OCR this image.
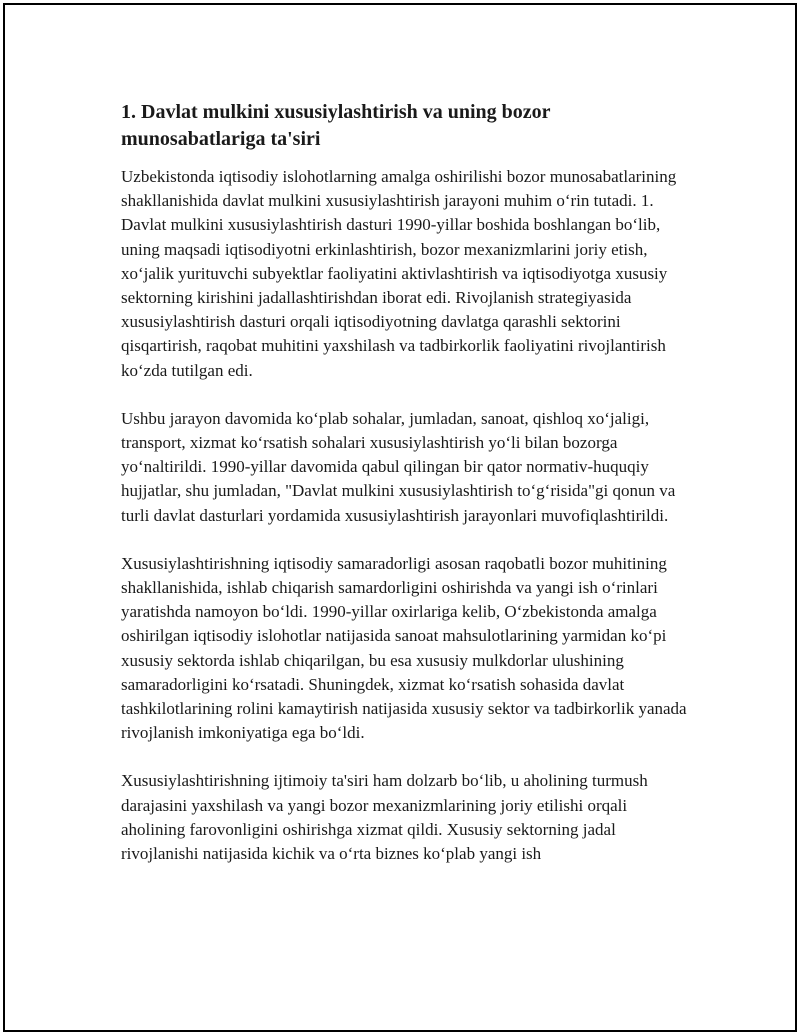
1. Davlat mulkini xususiylashtirish va uning bozor munosabatlariga ta'siri

Uzbekistonda iqtisodiy islohotlarning amalga oshirilishi bozor munosabatlarining shakllanishida davlat mulkini xususiylashtirish jarayoni muhim oʻrin tutadi. 1. Davlat mulkini xususiylashtirish dasturi 1990-yillar boshida boshlangan boʻlib, uning maqsadi iqtisodiyotni erkinlashtirish, bozor mexanizmlarini joriy etish, xoʻjalik yurituvchi subyektlar faoliyatini aktivlashtirish va iqtisodiyotga xususiy sektorning kirishini jadallashtirishdan iborat edi. Rivojlanish strategiyasida xususiylashtirish dasturi orqali iqtisodiyotning davlatga qarashli sektorini qisqartirish, raqobat muhitini yaxshilash va tadbirkorlik faoliyatini rivojlantirish koʻzda tutilgan edi.

Ushbu jarayon davomida koʻplab sohalar, jumladan, sanoat, qishloq xoʻjaligi, transport, xizmat koʻrsatish sohalari xususiylashtirish yoʻli bilan bozorga yoʻnaltirildi. 1990-yillar davomida qabul qilingan bir qator normativ-huquqiy hujjatlar, shu jumladan, "Davlat mulkini xususiylashtirish toʻgʻrisida"gi qonun va turli davlat dasturlari yordamida xususiylashtirish jarayonlari muvofiqlashtirildi.

Xususiylashtirishning iqtisodiy samaradorligi asosan raqobatli bozor muhitining shakllanishida, ishlab chiqarish samardorligini oshirishda va yangi ish oʻrinlari yaratishda namoyon boʻldi. 1990-yillar oxirlariga kelib, Oʻzbekistonda amalga oshirilgan iqtisodiy islohotlar natijasida sanoat mahsulotlarining yarmidan koʻpi xususiy sektorda ishlab chiqarilgan, bu esa xususiy mulkdorlar ulushining samaradorligini koʻrsatadi. Shuningdek, xizmat koʻrsatish sohasida davlat tashkilotlarining rolini kamaytirish natijasida xususiy sektor va tadbirkorlik yanada rivojlanish imkoniyatiga ega boʻldi.

Xususiylashtirishning ijtimoiy ta'siri ham dolzarb boʻlib, u aholining turmush darajasini yaxshilash va yangi bozor mexanizmlarining joriy etilishi orqali aholining farovonligini oshirishga xizmat qildi. Xususiy sektorning jadal rivojlanishi natijasida kichik va oʻrta biznes koʻplab yangi ish
